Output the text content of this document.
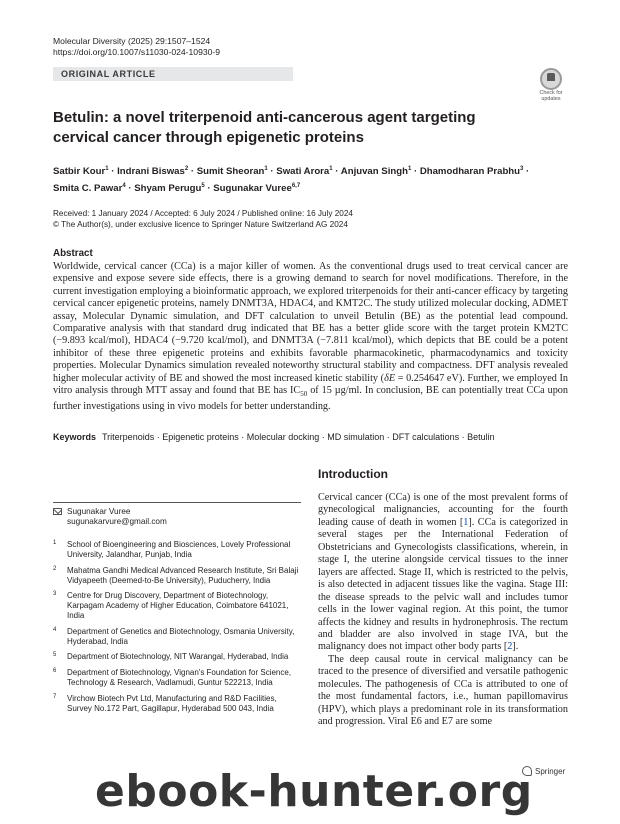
Molecular Diversity (2025) 29:1507–1524
https://doi.org/10.1007/s11030-024-10930-9
ORIGINAL ARTICLE
Check for updates
Betulin: a novel triterpenoid anti-cancerous agent targeting cervical cancer through epigenetic proteins
Satbir Kour$^1$ · Indrani Biswas$^2$ · Sumit Sheoran$^1$ · Swati Arora$^1$ · Anjuvan Singh$^1$ · Dhamodharan Prabhu$^3$ ·
Smita C. Pawar$^4$ · Shyam Perugu$^5$ · Sugunakar Vuree$^{6,7}$
Received: 1 January 2024 / Accepted: 6 July 2024 / Published online: 16 July 2024
© The Author(s), under exclusive licence to Springer Nature Switzerland AG 2024
Abstract
Worldwide, cervical cancer (CCa) is a major killer of women. As the conventional drugs used to treat cervical cancer are expensive and expose severe side effects, there is a growing demand to search for novel modifications. Therefore, in the current investigation employing a bioinformatic approach, we explored triterpenoids for their anti-cancer efficacy by targeting cervical cancer epigenetic proteins, namely DNMT3A, HDAC4, and KMT2C. The study utilized molecular docking, ADMET assay, Molecular Dynamic simulation, and DFT calculation to unveil Betulin (BE) as the potential lead compound. Comparative analysis with that standard drug indicated that BE has a better glide score with the target protein KM2TC (−9.893 kcal/mol), HDAC4 (−9.720 kcal/mol), and DNMT3A (−7.811 kcal/mol), which depicts that BE could be a potent inhibitor of these three epigenetic proteins and exhibits favorable pharmacokinetic, pharmacodynamics and toxicity properties. Molecular Dynamics simulation revealed noteworthy structural stability and compactness. DFT analysis revealed higher molecular activity of BE and showed the most increased kinetic stability (δE = 0.254647 eV). Further, we employed In vitro analysis through MTT assay and found that BE has $IC_{50}$ of 15 µg/ml. In conclusion, BE can potentially treat CCa upon further investigations using in vivo models for better understanding.
Keywords Triterpenoids · Epigenetic proteins · Molecular docking · MD simulation · DFT calculations · Betulin
Introduction

Cervical cancer (CCa) is one of the most prevalent forms of gynecological malignancies, accounting for the fourth leading cause of death in women [1]. CCa is categorized in several stages per the International Federation of Obstetricians and Gynecologists classifications, wherein, in stage I, the uterine alongside cervical tissues to the inner layers are affected. Stage II, which is restricted to the pelvis, is also detected in adjacent tissues like the vagina. Stage III: the disease spreads to the pelvic wall and includes tumor cells in the lower vaginal region. At this point, the tumor affects the kidney and results in hydronephrosis. The rectum and bladder are also involved in stage IVA, but the malignancy does not impact other body parts [2].

The deep causal route in cervical malignancy can be traced to the presence of diversified and versatile pathogenic molecules. The pathogenesis of CCa is attributed to one of the most fundamental factors, i.e., human papillomavirus (HPV), which plays a predominant role in its transformation and progression. Viral E6 and E7 are some

Sugunakar Vuree
sugunakarvure@gmail.com
1 School of Bioengineering and Biosciences, Lovely Professional University, Jalandhar, Punjab, India
2 Mahatma Gandhi Medical Advanced Research Institute, Sri Balaji Vidyapeeth (Deemed-to-Be University), Puducherry, India
3 Centre for Drug Discovery, Department of Biotechnology, Karpagam Academy of Higher Education, Coimbatore 641021, India
4 Department of Genetics and Biotechnology, Osmania University, Hyderabad, India
5 Department of Biotechnology, NIT Warangal, Hyderabad, India
6 Department of Biotechnology, Vignan's Foundation for Science, Technology & Research, Vadlamudi, Guntur 522213, India
7 Virchow Biotech Pvt Ltd, Manufacturing and R&D Facilities, Survey No.172 Part, Gagillapur, Hyderabad 500 043, India
ebook-hunter.org Springer
